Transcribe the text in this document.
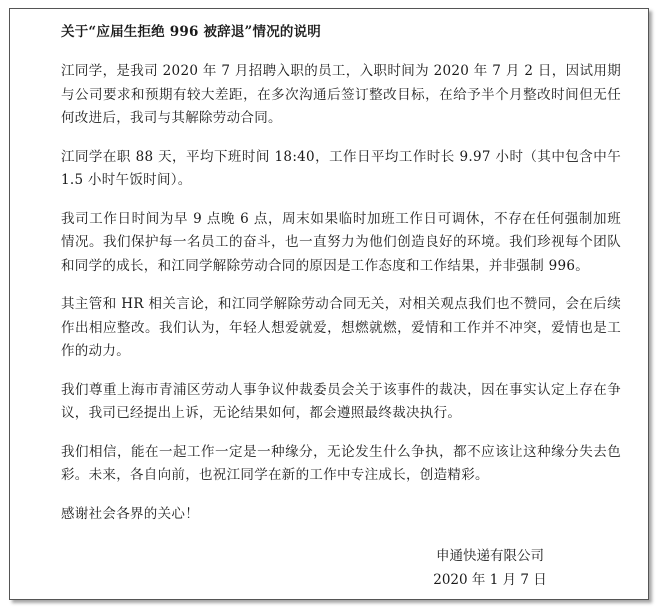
关于“应届生拒绝 996 被辞退”情况的说明

江同学，是我司 2020 年 7 月招聘入职的员工，入职时间为 2020 年 7 月 2 日，因试用期与公司要求和预期有较大差距，在多次沟通后签订整改目标，在给予半个月整改时间但无任何改进后，我司与其解除劳动合同。

江同学在职 88 天，平均下班时间 18:40，工作日平均工作时长 9.97 小时（其中包含中午 1.5 小时午饭时间）。

我司工作日时间为早 9 点晚 6 点，周末如果临时加班工作日可调休，不存在任何强制加班情况。我们保护每一名员工的奋斗，也一直努力为他们创造良好的环境。我们珍视每个团队和同学的成长，和江同学解除劳动合同的原因是工作态度和工作结果，并非强制 996。

其主管和 HR 相关言论，和江同学解除劳动合同无关，对相关观点我们也不赞同，会在后续作出相应整改。我们认为，年轻人想爱就爱，想燃就燃，爱情和工作并不冲突，爱情也是工作的动力。

我们尊重上海市青浦区劳动人事争议仲裁委员会关于该事件的裁决，因在事实认定上存在争议，我司已经提出上诉，无论结果如何，都会遵照最终裁决执行。

我们相信，能在一起工作一定是一种缘分，无论发生什么争执，都不应该让这种缘分失去色彩。未来，各自向前，也祝江同学在新的工作中专注成长，创造精彩。

感谢社会各界的关心！

申通快递有限公司
2020 年 1 月 7 日
